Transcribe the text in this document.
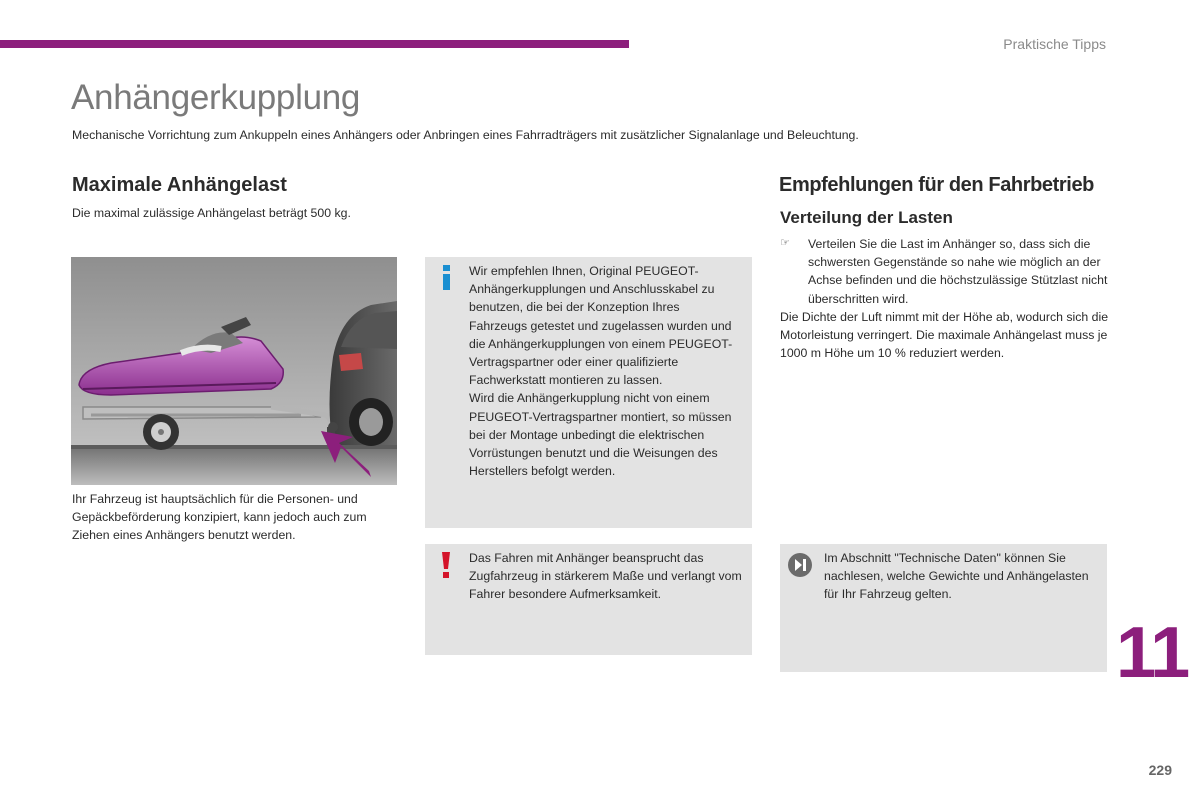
Praktische Tipps
Anhängerkupplung
Mechanische Vorrichtung zum Ankuppeln eines Anhängers oder Anbringen eines Fahrradträgers mit zusätzlicher Signalanlage und Beleuchtung.
Maximale Anhängelast
Die maximal zulässige Anhängelast beträgt 500 kg.
Ihr Fahrzeug ist hauptsächlich für die Personen- und Gepäckbeförderung konzipiert, kann jedoch auch zum Ziehen eines Anhängers benutzt werden.
Wir empfehlen Ihnen, Original PEUGEOT-Anhängerkupplungen und Anschlusskabel zu benutzen, die bei der Konzeption Ihres Fahrzeugs getestet und zugelassen wurden und die Anhängerkupplungen von einem PEUGEOT-Vertragspartner oder einer qualifizierte Fachwerkstatt montieren zu lassen.
Wird die Anhängerkupplung nicht von einem PEUGEOT-Vertragspartner montiert, so müssen bei der Montage unbedingt die elektrischen Vorrüstungen benutzt und die Weisungen des Herstellers befolgt werden.
Das Fahren mit Anhänger beansprucht das Zugfahrzeug in stärkerem Maße und verlangt vom Fahrer besondere Aufmerksamkeit.
Empfehlungen für den Fahrbetrieb
Verteilung der Lasten
☞ Verteilen Sie die Last im Anhänger so, dass sich die schwersten Gegenstände so nahe wie möglich an der Achse befinden und die höchstzulässige Stützlast nicht überschritten wird.
Die Dichte der Luft nimmt mit der Höhe ab, wodurch sich die Motorleistung verringert. Die maximale Anhängelast muss je 1000 m Höhe um 10 % reduziert werden.
Im Abschnitt "Technische Daten" können Sie nachlesen, welche Gewichte und Anhängelasten für Ihr Fahrzeug gelten.
11
229
